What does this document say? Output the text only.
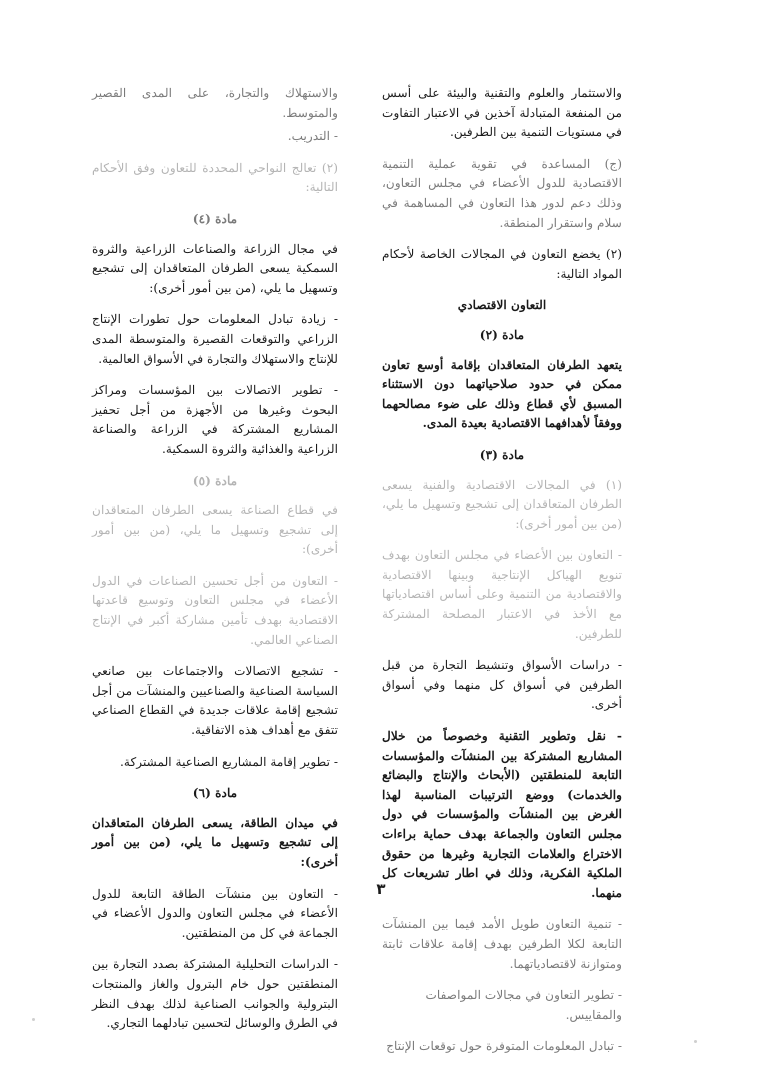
والاستثمار والعلوم والتقنية والبيئة على أسس من المنفعة المتبادلة آخذين في الاعتبار التفاوت في مستويات التنمية بين الطرفين.

(ج) المساعدة في تقوية عملية التنمية الاقتصادية للدول الأعضاء في مجلس التعاون، وذلك دعم لدور هذا التعاون في المساهمة في سلام واستقرار المنطقة.

(٢) يخضع التعاون في المجالات الخاصة لأحكام المواد التالية:

التعاون الاقتصادي
مادة (٢)

يتعهد الطرفان المتعاقدان بإقامة أوسع تعاون ممكن في حدود صلاحياتهما دون الاستثناء المسبق لأي قطاع وذلك على ضوء مصالحهما ووفقاً لأهدافهما الاقتصادية بعيدة المدى.

مادة (٣)

(١) في المجالات الاقتصادية والفنية يسعى الطرفان المتعاقدان إلى تشجيع وتسهيل ما يلي، (من بين أمور أخرى):

- التعاون بين الأعضاء في مجلس التعاون بهدف تنويع الهياكل الإنتاجية وبينها الاقتصادية والاقتصادية من التنمية وعلى أساس اقتصادياتها مع الأخذ في الاعتبار المصلحة المشتركة للطرفين.

- دراسات الأسواق وتنشيط التجارة من قبل الطرفين في أسواق كل منهما وفي أسواق أخرى.

- نقل وتطوير التقنية وخصوصاً من خلال المشاريع المشتركة بين المنشآت والمؤسسات التابعة للمنطقتين (الأبحاث والإنتاج والبضائع والخدمات) ووضع الترتيبات المناسبة لهذا الغرض بين المنشآت والمؤسسات في دول مجلس التعاون والجماعة بهدف حماية براءات الاختراع والعلامات التجارية وغيرها من حقوق الملكية الفكرية، وذلك في اطار تشريعات كل منهما.

- تنمية التعاون طويل الأمد فيما بين المنشآت التابعة لكلا الطرفين بهدف إقامة علاقات ثابتة ومتوازنة لاقتصادياتهما.

- تطوير التعاون في مجالات المواصفات والمقاييس.

- تبادل المعلومات المتوفرة حول توقعات الإنتاج

والاستهلاك والتجارة، على المدى القصير والمتوسط.

- التدريب.

(٢) تعالج النواحي المحددة للتعاون وفق الأحكام التالية:

مادة (٤)

في مجال الزراعة والصناعات الزراعية والثروة السمكية يسعى الطرفان المتعاقدان إلى تشجيع وتسهيل ما يلي، (من بين أمور أخرى):

- زيادة تبادل المعلومات حول تطورات الإنتاج الزراعي والتوقعات القصيرة والمتوسطة المدى للإنتاج والاستهلاك والتجارة في الأسواق العالمية.

- تطوير الاتصالات بين المؤسسات ومراكز البحوث وغيرها من الأجهزة من أجل تحفيز المشاريع المشتركة في الزراعة والصناعة الزراعية والغذائية والثروة السمكية.

مادة (٥)

في قطاع الصناعة يسعى الطرفان المتعاقدان إلى تشجيع وتسهيل ما يلي، (من بين أمور أخرى):

- التعاون من أجل تحسين الصناعات في الدول الأعضاء في مجلس التعاون وتوسيع قاعدتها الاقتصادية بهدف تأمين مشاركة أكبر في الإنتاج الصناعي العالمي.

- تشجيع الاتصالات والاجتماعات بين صانعي السياسة الصناعية والصناعيين والمنشآت من أجل تشجيع إقامة علاقات جديدة في القطاع الصناعي تتفق مع أهداف هذه الاتفاقية.

- تطوير إقامة المشاريع الصناعية المشتركة.

مادة (٦)

في ميدان الطاقة، يسعى الطرفان المتعاقدان إلى تشجيع وتسهيل ما يلي، (من بين أمور أخرى):

- التعاون بين منشآت الطاقة التابعة للدول الأعضاء في مجلس التعاون والدول الأعضاء في الجماعة في كل من المنطقتين.

- الدراسات التحليلية المشتركة بصدد التجارة بين المنطقتين حول خام البترول والغاز والمنتجات البترولية والجوانب الصناعية لذلك بهدف النظر في الطرق والوسائل لتحسين تبادلهما التجاري.

٣
